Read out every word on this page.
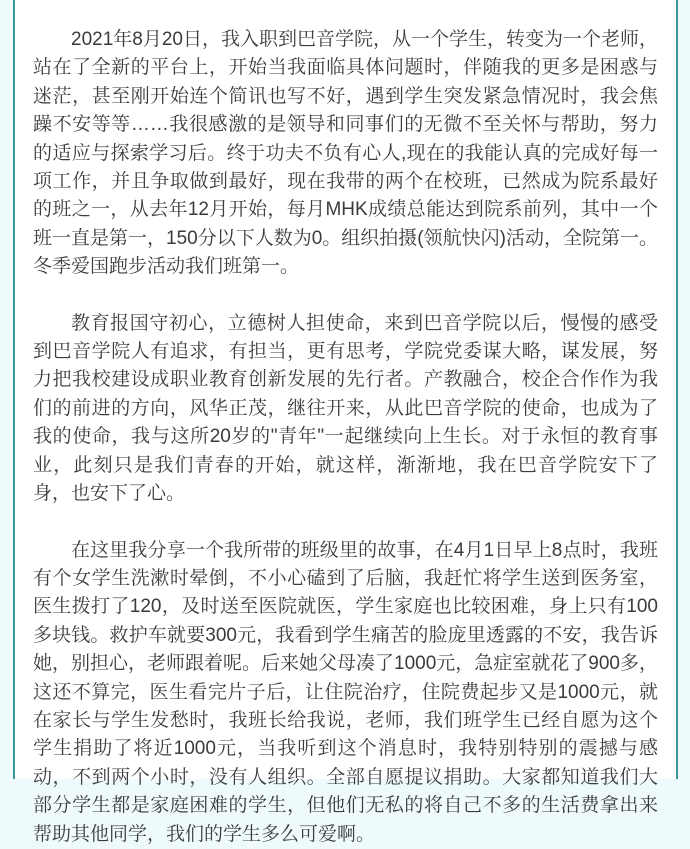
2021年8月20日，我入职到巴音学院，从一个学生，转变为一个老师，站在了全新的平台上，开始当我面临具体问题时，伴随我的更多是困惑与迷茫，甚至刚开始连个简讯也写不好，遇到学生突发紧急情况时，我会焦躁不安等等……我很感激的是领导和同事们的无微不至关怀与帮助，努力的适应与探索学习后。终于功夫不负有心人,现在的我能认真的完成好每一项工作，并且争取做到最好，现在我带的两个在校班，已然成为院系最好的班之一，从去年12月开始，每月MHK成绩总能达到院系前列，其中一个班一直是第一，150分以下人数为0。组织拍摄(领航快闪)活动，全院第一。冬季爱国跑步活动我们班第一。

教育报国守初心，立德树人担使命，来到巴音学院以后，慢慢的感受到巴音学院人有追求，有担当，更有思考，学院党委谋大略，谋发展，努力把我校建设成职业教育创新发展的先行者。产教融合，校企合作作为我们的前进的方向，风华正茂，继往开来，从此巴音学院的使命，也成为了我的使命，我与这所20岁的"青年"一起继续向上生长。对于永恒的教育事业，此刻只是我们青春的开始，就这样，渐渐地，我在巴音学院安下了身，也安下了心。

在这里我分享一个我所带的班级里的故事，在4月1日早上8点时，我班有个女学生洗漱时晕倒，不小心磕到了后脑，我赶忙将学生送到医务室，医生拨打了120，及时送至医院就医，学生家庭也比较困难，身上只有100多块钱。救护车就要300元，我看到学生痛苦的脸庞里透露的不安，我告诉她，别担心，老师跟着呢。后来她父母凑了1000元，急症室就花了900多，这还不算完，医生看完片子后，让住院治疗，住院费起步又是1000元，就在家长与学生发愁时，我班长给我说，老师，我们班学生已经自愿为这个学生捐助了将近1000元，当我听到这个消息时，我特别特别的震撼与感动，不到两个小时，没有人组织。全部自愿提议捐助。大家都知道我们大部分学生都是家庭困难的学生，但他们无私的将自己不多的生活费拿出来帮助其他同学，我们的学生多么可爱啊。
